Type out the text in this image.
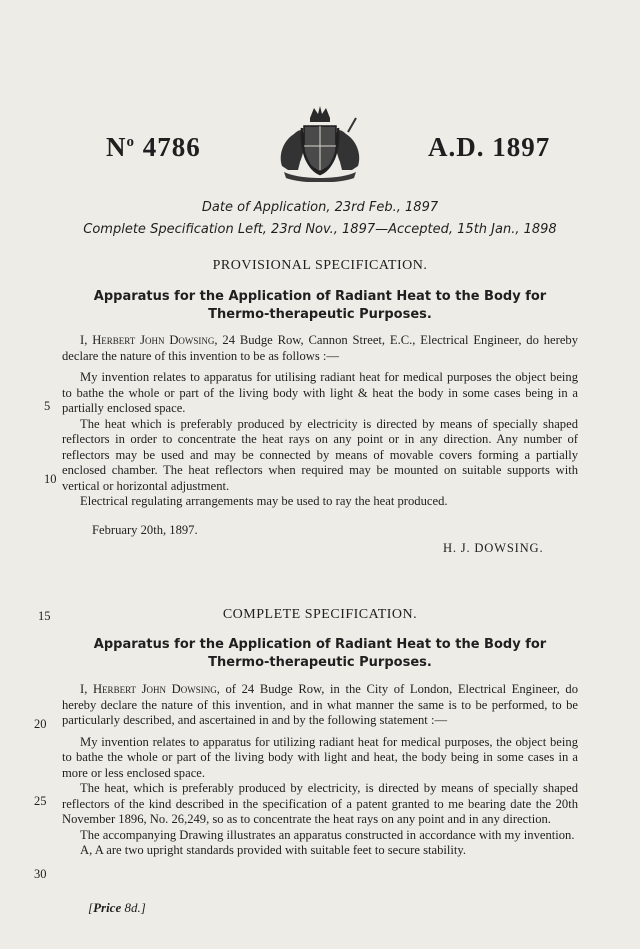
$N^o$ 4786	A.D. 1897
Date of Application, 23rd Feb., 1897
Complete Specification Left, 23rd Nov., 1897—Accepted, 15th Jan., 1898
PROVISIONAL SPECIFICATION.
Apparatus for the Application of Radiant Heat to the Body for
Thermo-therapeutic Purposes.

I, Herbert John Dowsing, 24 Budge Row, Cannon Street, E.C., Electrical Engineer, do hereby declare the nature of this invention to be as follows :—

My invention relates to apparatus for utilising radiant heat for medical purposes the object being to bathe the whole or part of the living body with light & heat the body in some cases being in a partially enclosed space.

The heat which is preferably produced by electricity is directed by means of specially shaped reflectors in order to concentrate the heat rays on any point or in any direction. Any number of reflectors may be used and may be connected by means of movable covers forming a partially enclosed chamber. The heat reflectors when required may be mounted on suitable supports with vertical or horizontal adjustment.

Electrical regulating arrangements may be used to ray the heat produced.

February 20th, 1897.
H. J. DOWSING.
COMPLETE SPECIFICATION.
Apparatus for the Application of Radiant Heat to the Body for
Thermo-therapeutic Purposes.

I, Herbert John Dowsing, of 24 Budge Row, in the City of London, Electrical Engineer, do hereby declare the nature of this invention, and in what manner the same is to be performed, to be particularly described, and ascertained in and by the following statement :—

My invention relates to apparatus for utilizing radiant heat for medical purposes, the object being to bathe the whole or part of the living body with light and heat, the body being in some cases in a more or less enclosed space.

The heat, which is preferably produced by electricity, is directed by means of specially shaped reflectors of the kind described in the specification of a patent granted to me bearing date the 20th November 1896, No. 26,249, so as to concentrate the heat rays on any point and in any direction.

The accompanying Drawing illustrates an apparatus constructed in accordance with my invention.

A, A are two upright standards provided with suitable feet to secure stability.

5
10
15
20
25
30
[Price 8d.]
